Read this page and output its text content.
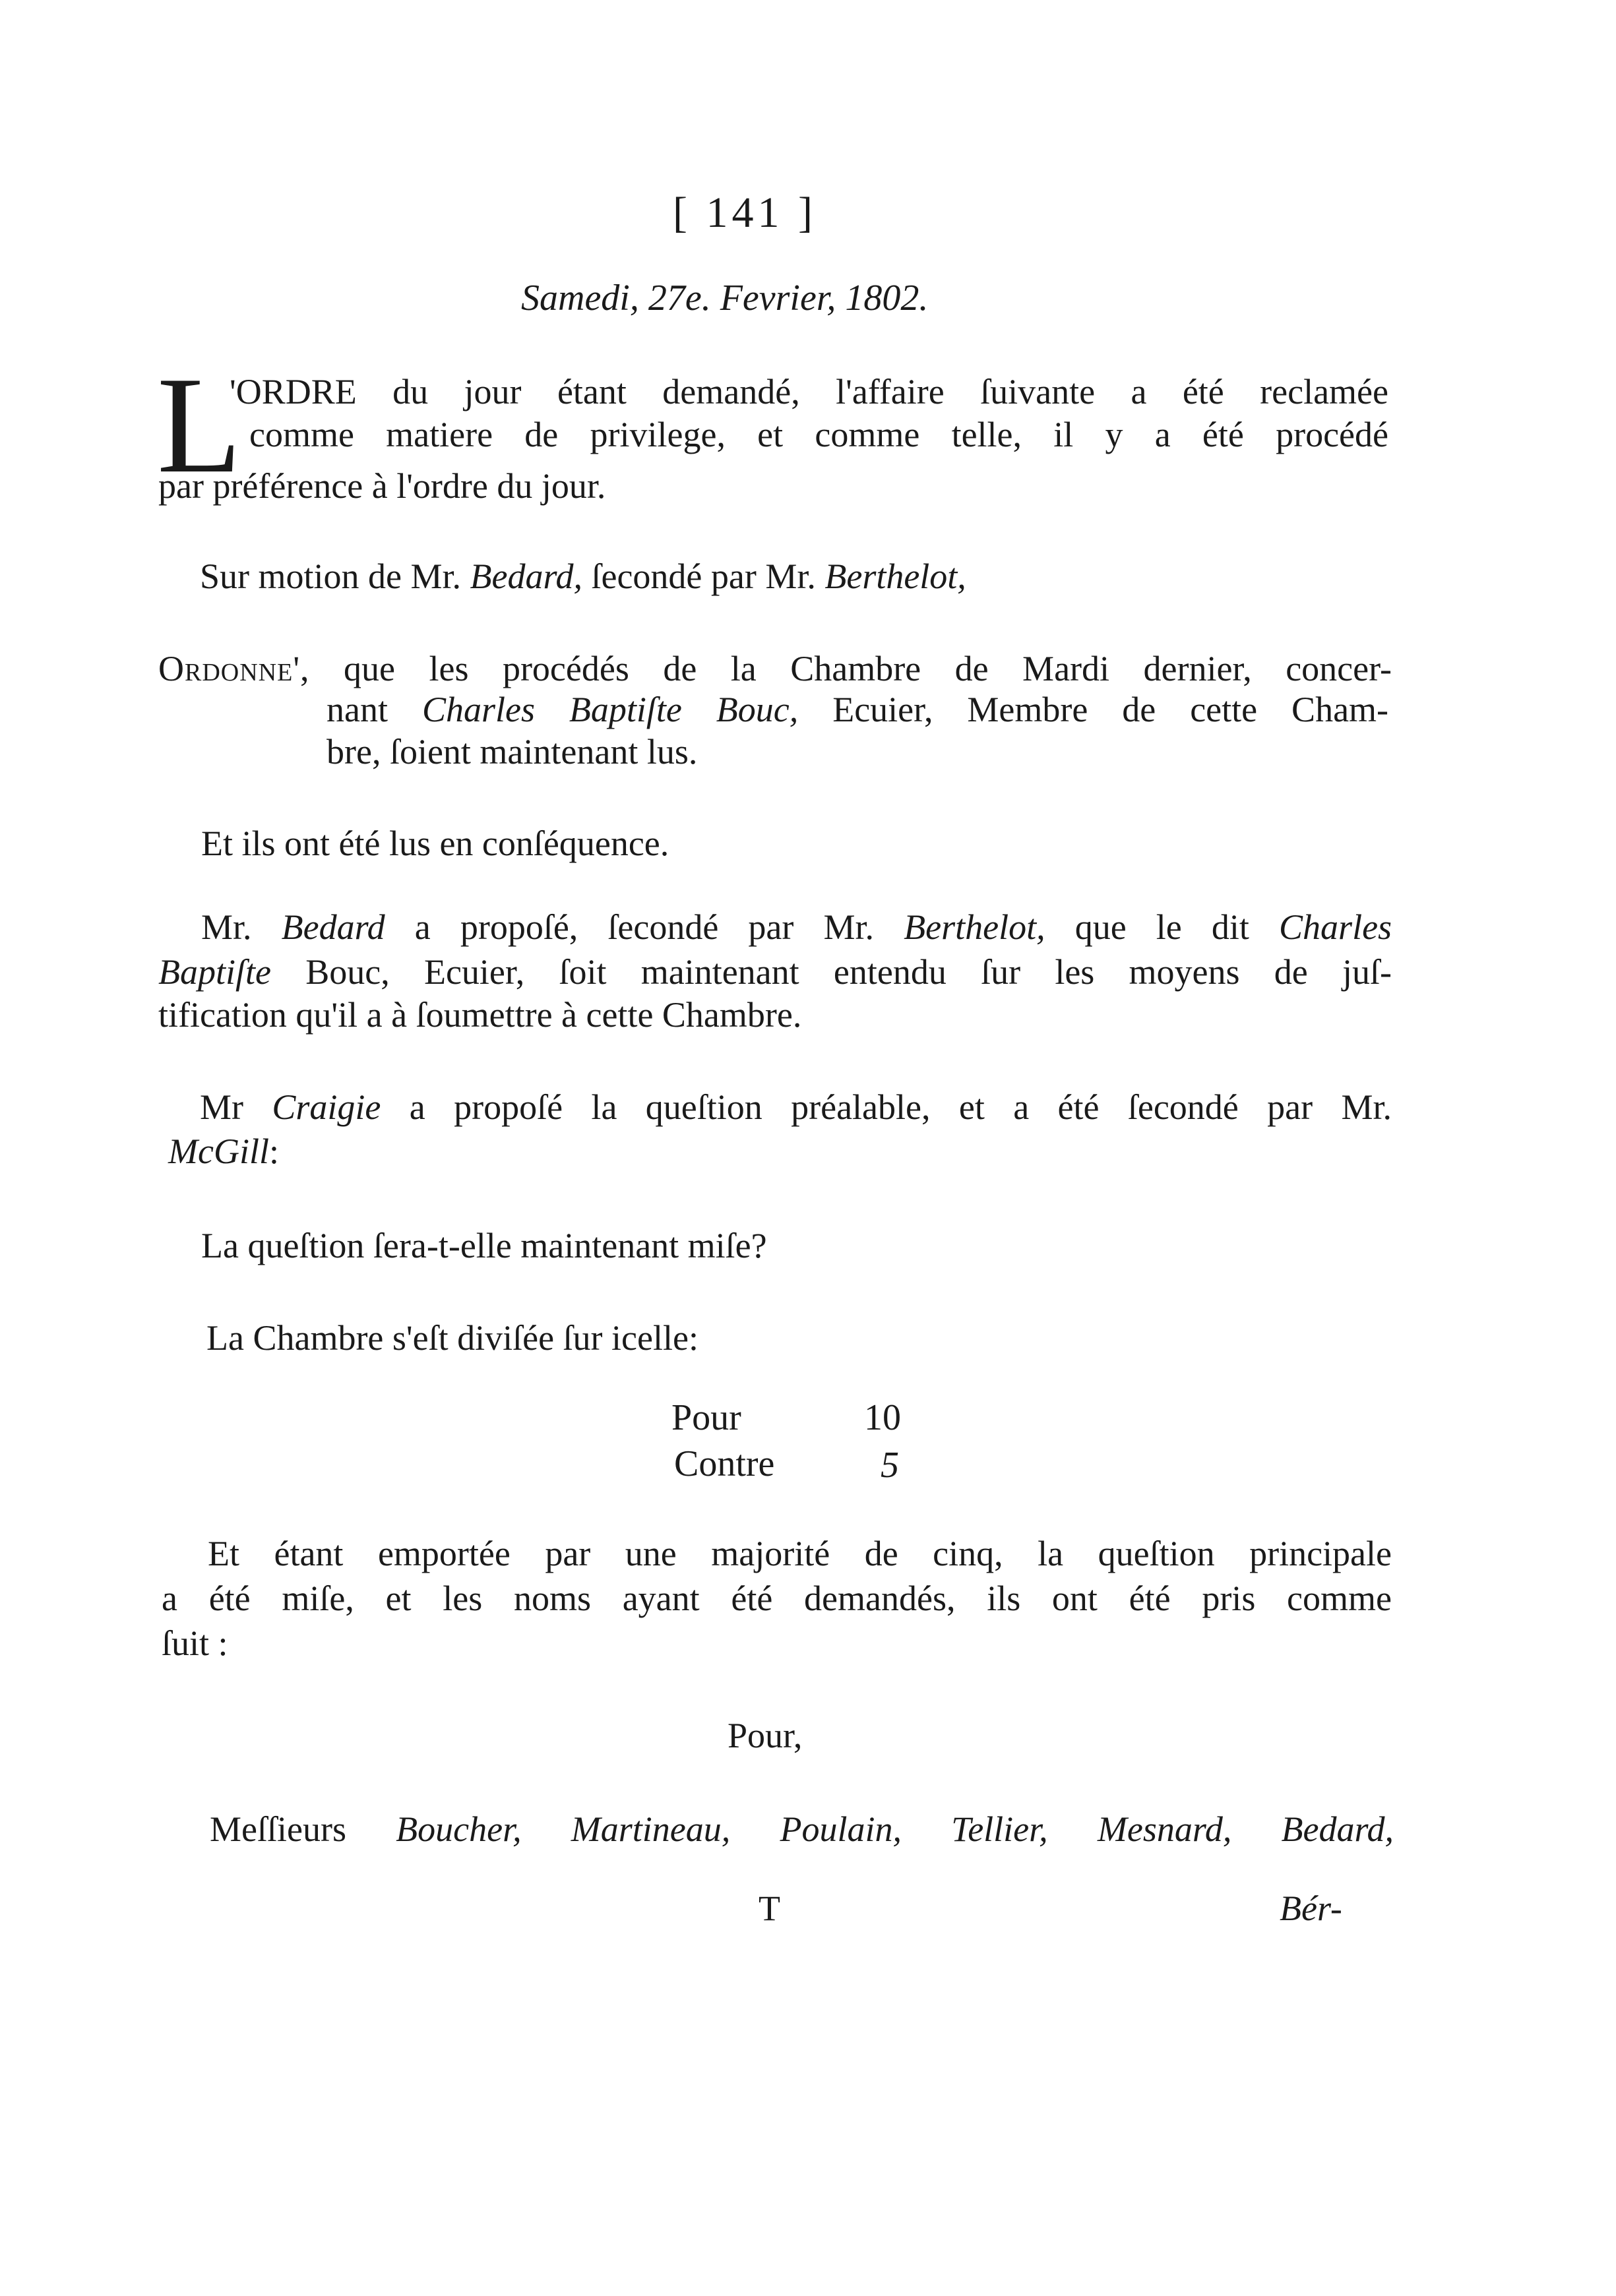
[ 141 ]
Samedi, 27e. Fevrier, 1802.
L
'ORDRE du jour étant demandé, l'affaire ſuivante a été reclamée
comme matiere de privilege, et comme telle, il y a été procédé
par préférence à l'ordre du jour.
Sur motion de Mr. Bedard, ſecondé par Mr. Berthelot,
Ordonne', que les procédés de la Chambre de Mardi dernier, concer-
nant Charles Baptiſte Bouc, Ecuier, Membre de cette Cham-
bre, ſoient maintenant lus.
Et ils ont été lus en conſéquence.
Mr. Bedard a propoſé, ſecondé par Mr. Berthelot, que le dit Charles
Baptiſte Bouc, Ecuier, ſoit maintenant entendu ſur les moyens de juſ-
tification qu'il a à ſoumettre à cette Chambre.
Mr Craigie a propoſé la queſtion préalable, et a été ſecondé par Mr.
McGill:
La queſtion ſera-t-elle maintenant miſe?
La Chambre s'eſt diviſée ſur icelle:
Pour	10
Contre	5
Et étant emportée par une majorité de cinq, la queſtion principale
a été miſe, et les noms ayant été demandés, ils ont été pris comme
ſuit :
Pour,
Meſſieurs Boucher, Martineau, Poulain, Tellier, Mesnard, Bedard,
T	Bér-
